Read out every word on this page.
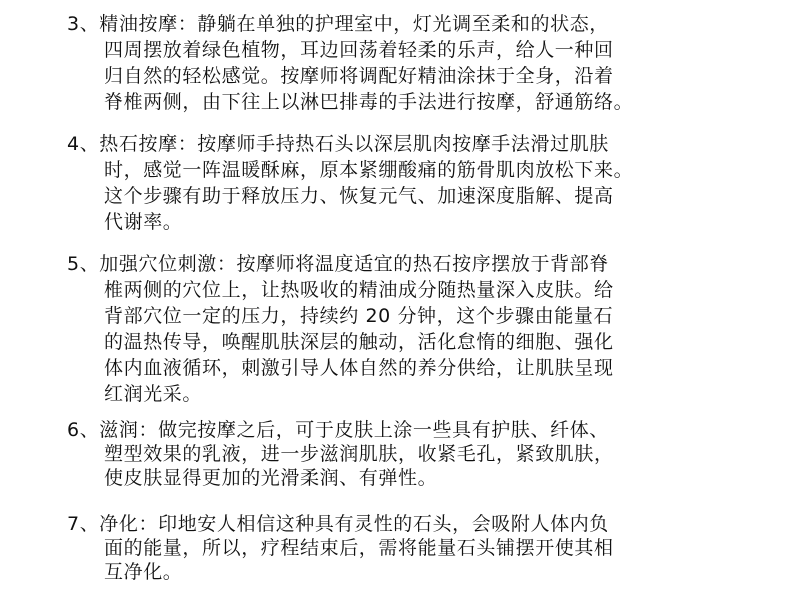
3、精油按摩：静躺在单独的护理室中，灯光调至柔和的状态，
四周摆放着绿色植物，耳边回荡着轻柔的乐声，给人一种回
归自然的轻松感觉。按摩师将调配好精油涂抹于全身，沿着
脊椎两侧，由下往上以淋巴排毒的手法进行按摩，舒通筋络。
4、热石按摩：按摩师手持热石头以深层肌肉按摩手法滑过肌肤
时，感觉一阵温暖酥麻，原本紧绷酸痛的筋骨肌肉放松下来。
这个步骤有助于释放压力、恢复元气、加速深度脂解、提高
代谢率。
5、加强穴位刺激：按摩师将温度适宜的热石按序摆放于背部脊
椎两侧的穴位上，让热吸收的精油成分随热量深入皮肤。给
背部穴位一定的压力，持续约 20 分钟，这个步骤由能量石
的温热传导，唤醒肌肤深层的触动，活化怠惰的细胞、强化
体内血液循环，刺激引导人体自然的养分供给，让肌肤呈现
红润光采。
6、滋润：做完按摩之后，可于皮肤上涂一些具有护肤、纤体、
塑型效果的乳液，进一步滋润肌肤，收紧毛孔，紧致肌肤，
使皮肤显得更加的光滑柔润、有弹性。
7、净化：印地安人相信这种具有灵性的石头，会吸附人体内负
面的能量，所以，疗程结束后，需将能量石头铺摆开使其相
互净化。
